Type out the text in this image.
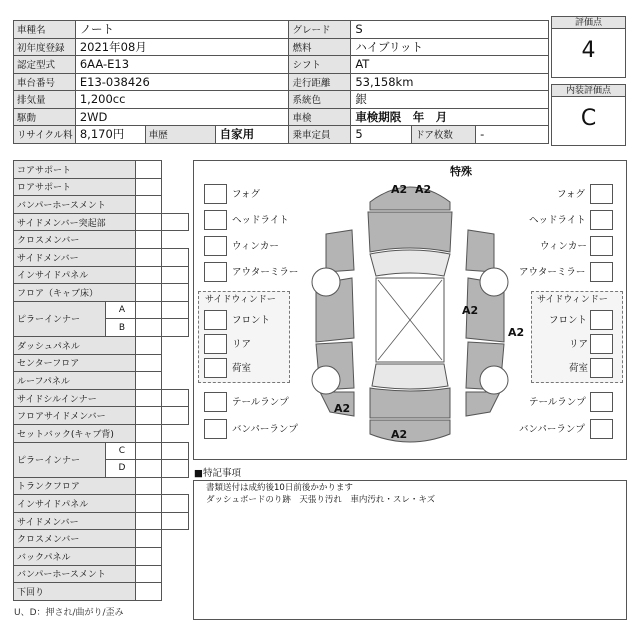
車種名	ノート			グレード	S		
初年度登録	2021年08月			燃料	ハイブリット		
認定型式	6AA-E13			シフト	AT		
車台番号	E13-038426			走行距離	53,158km		
排気量	1,200cc			系統色	銀		
駆動	2WD			車検	車検期限　年　月		
リサイクル料	8,170円	車歴	自家用	乗車定員	5	ドア枚数	-
評価点
4
内装評価点
C
コアサポート			
ロアサポート			
バンパーホースメント			
サイドメンバー突起部			
クロスメンバー			
サイドメンバー			
インサイドパネル			
フロア（キャブ床）			
ピラーインナー	A		
	B		
ダッシュパネル			
センターフロア			
ルーフパネル			
サイドシルインナー			
フロアサイドメンバー			
セットバック(キャブ背)			
ピラーインナー	C		
	D		
トランクフロア			
インサイドパネル			
サイドメンバー			
クロスメンバー			
バックパネル			
バンパーホースメント			
下回り			
U、D：押され/曲がり/歪み
特殊
フォグ
ヘッドライト
ウィンカー
アウターミラー
フォグ
ヘッドライト
ウィンカー
アウターミラー
サイドウィンドー
フロント
リア
荷室
サイドウィンドー
フロント
リア
荷室
テールランプ
バンパーランプ
テールランプ
バンパーランプ
A2 A2
A2
A2
A2
A2
■特記事項
書類送付は成約後10日前後かかります
ダッシュボードのり跡　天張り汚れ　車内汚れ・スレ・キズ
